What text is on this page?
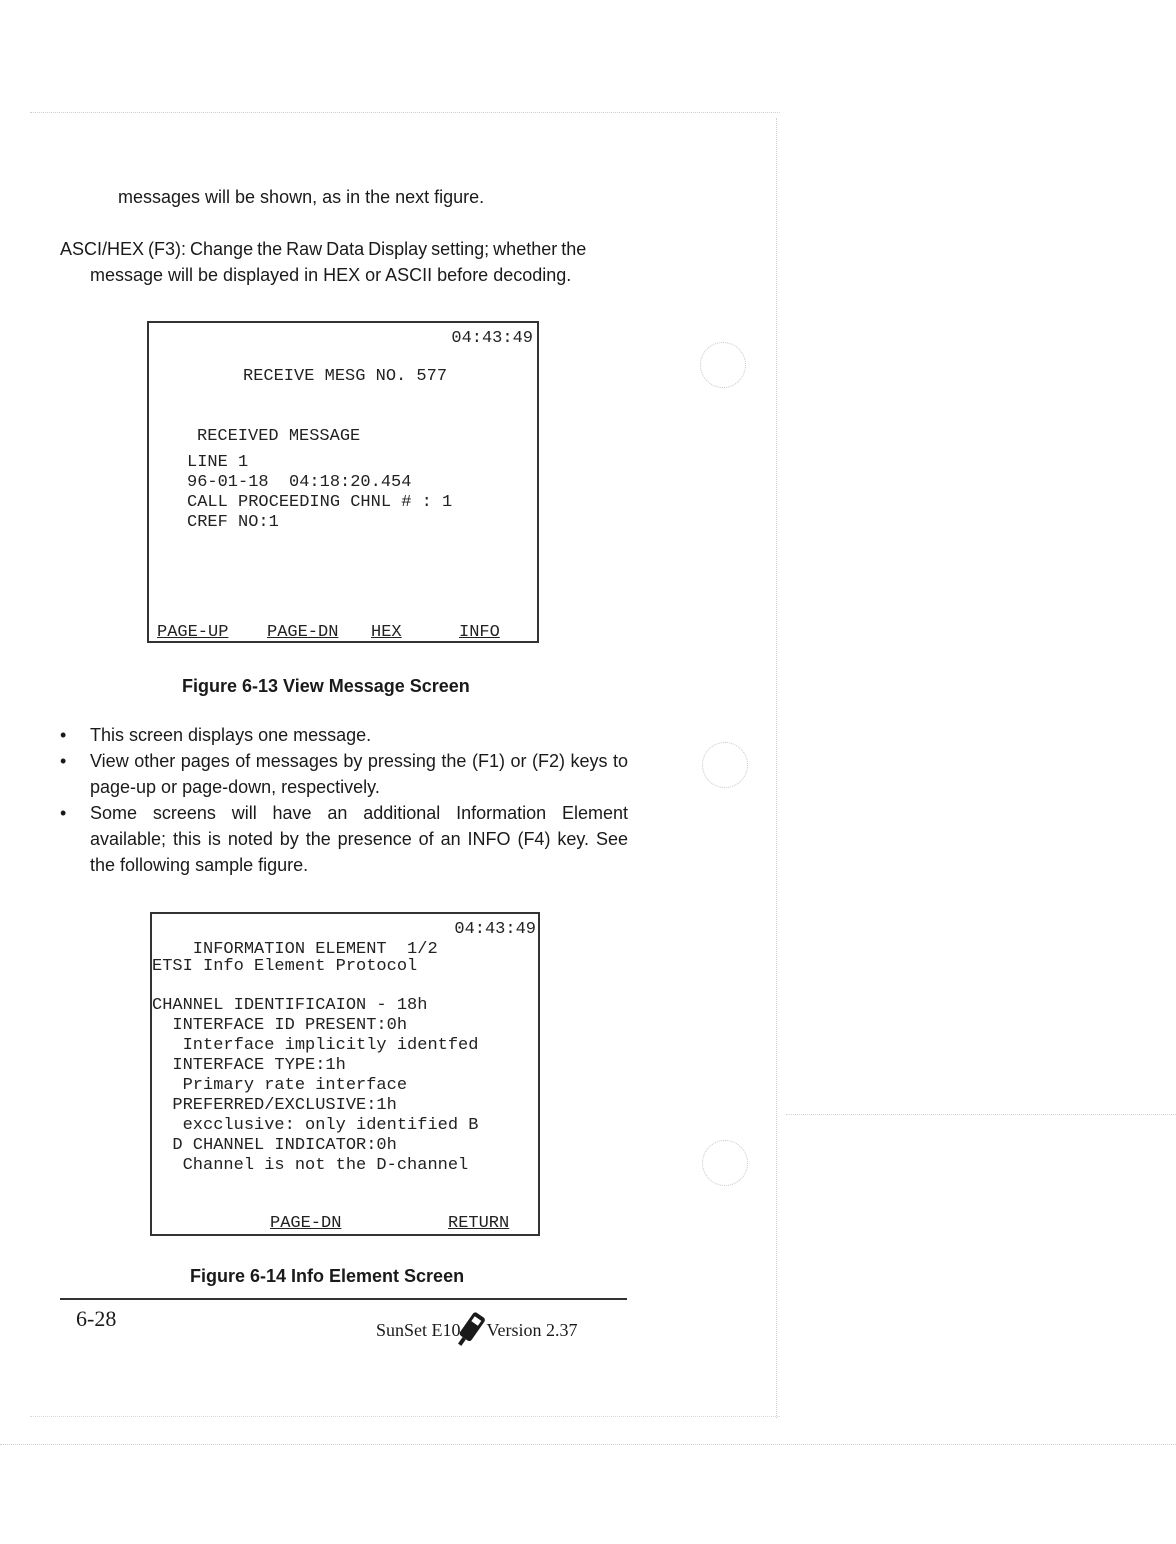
messages will be shown, as in the next figure.
ASCI/HEX (F3): Change the Raw Data Display setting; whether the
message will be displayed in HEX or ASCII before decoding.
04:43:49
RECEIVE MESG NO. 577
RECEIVED MESSAGE
LINE 1
96-01-18  04:18:20.454
CALL PROCEEDING CHNL # : 1
CREF NO:1
PAGE-UP PAGE-DN HEX	INFO
Figure 6-13 View Message Screen
• This screen displays one message.
• View other pages of messages by pressing the (F1) or (F2) keys to page-up or page-down, respectively.
• Some screens will have an additional Information Element available; this is noted by the presence of an INFO (F4) key. See the following sample figure.
04:43:49
INFORMATION ELEMENT  1/2
ETSI Info Element Protocol
CHANNEL IDENTIFICAION - 18h
INTERFACE ID PRESENT:0h
Interface implicitly identfed
INTERFACE TYPE:1h
Primary rate interface
PREFERRED/EXCLUSIVE:1h
excclusive: only identified B
D CHANNEL INDICATOR:0h
Channel is not the D-channel
PAGE-DN	RETURN
Figure 6-14 Info Element Screen
6-28	SunSet E10 Version 2.37
